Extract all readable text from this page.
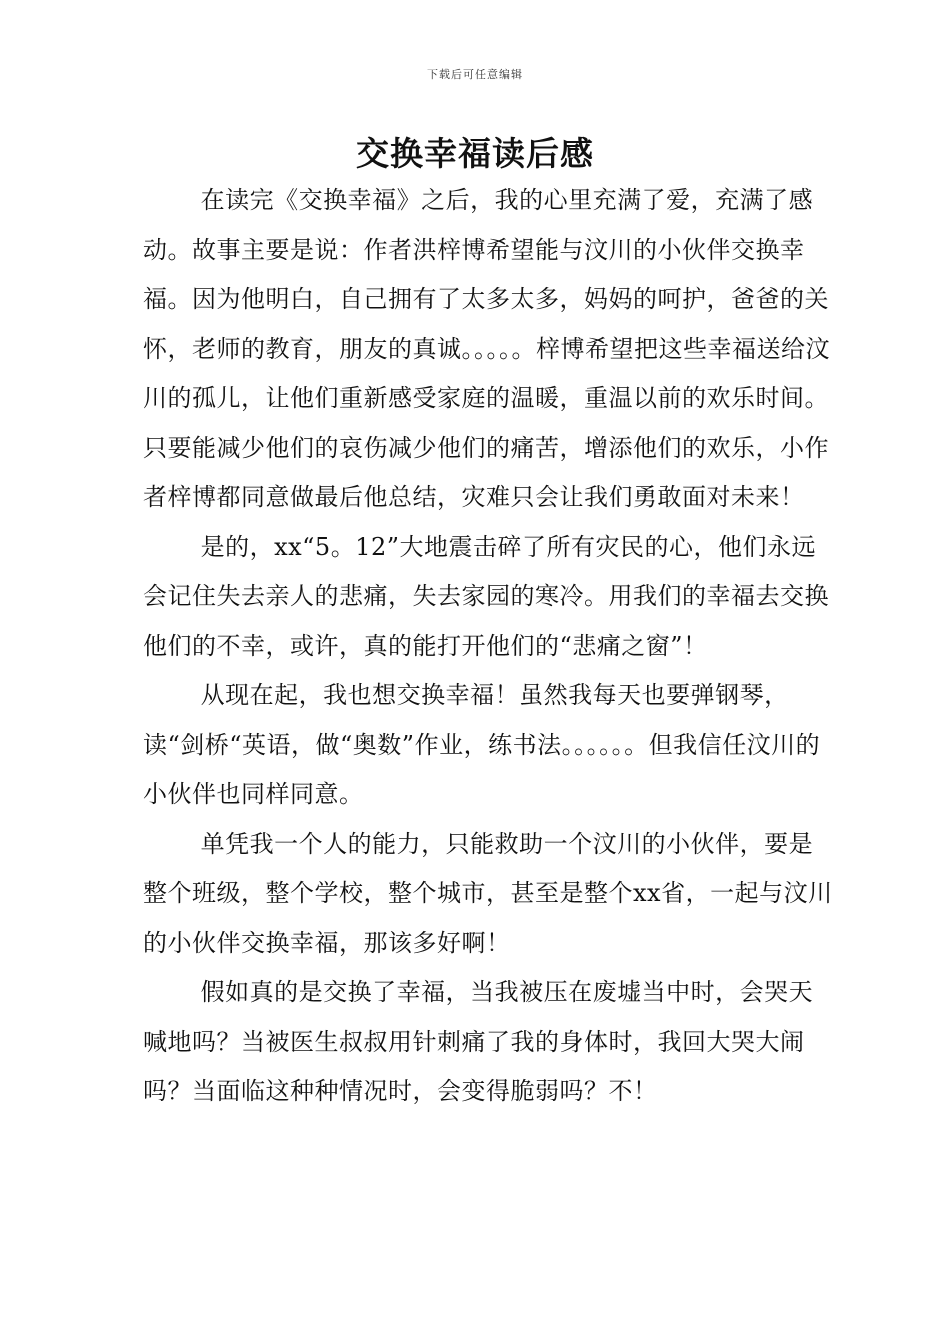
下载后可任意编辑
交换幸福读后感

在读完《交换幸福》之后，我的心里充满了爱，充满了感动。故事主要是说：作者洪梓博希望能与汶川的小伙伴交换幸福。因为他明白，自己拥有了太多太多，妈妈的呵护，爸爸的关怀，老师的教育，朋友的真诚。。。。。梓博希望把这些幸福送给汶川的孤儿，让他们重新感受家庭的温暖，重温以前的欢乐时间。只要能减少他们的哀伤减少他们的痛苦，增添他们的欢乐，小作者梓博都同意做最后他总结，灾难只会让我们勇敢面对未来！

是的，xx“5。12”大地震击碎了所有灾民的心，他们永远会记住失去亲人的悲痛，失去家园的寒冷。用我们的幸福去交换他们的不幸，或许，真的能打开他们的“悲痛之窗”！

从现在起，我也想交换幸福！虽然我每天也要弹钢琴，读“剑桥“英语，做“奥数”作业，练书法。。。。。。但我信任汶川的小伙伴也同样同意。

单凭我一个人的能力，只能救助一个汶川的小伙伴，要是整个班级，整个学校，整个城市，甚至是整个xx省，一起与汶川的小伙伴交换幸福，那该多好啊！

假如真的是交换了幸福，当我被压在废墟当中时，会哭天喊地吗？当被医生叔叔用针刺痛了我的身体时，我回大哭大闹吗？当面临这种种情况时，会变得脆弱吗？不！
